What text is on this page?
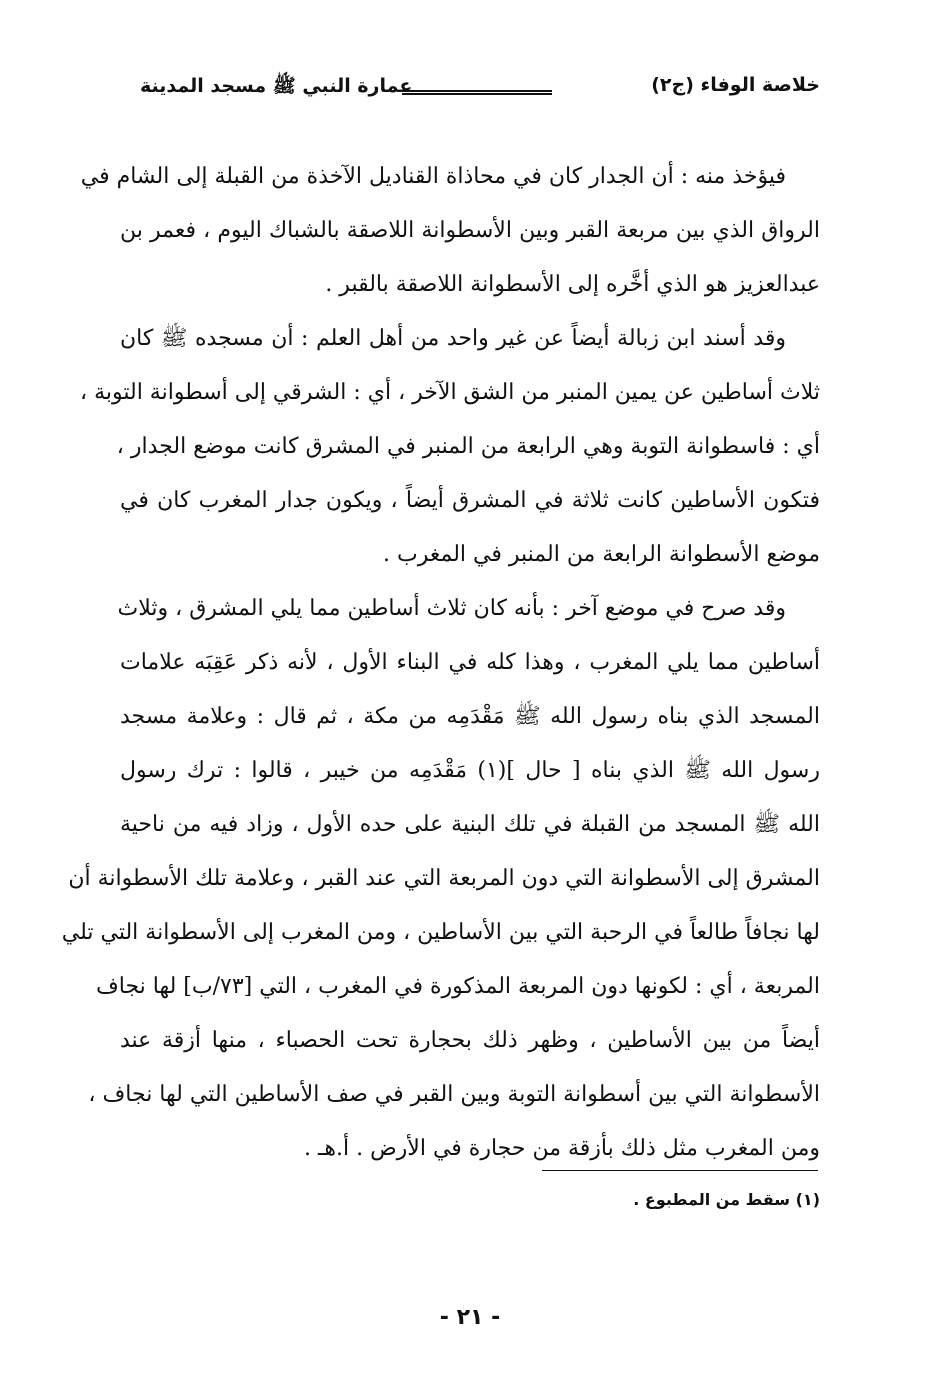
خلاصة الوفاء (ج٢)
عمارة النبي ﷺ مسجد المدينة
فيؤخذ منه : أن الجدار كان في محاذاة القناديل الآخذة من القبلة إلى الشام في
الرواق الذي بين مربعة القبر وبين الأسطوانة اللاصقة بالشباك اليوم ، فعمر بن
عبدالعزيز هو الذي أخَّره إلى الأسطوانة اللاصقة بالقبر .
وقد أسند ابن زبالة أيضاً عن غير واحد من أهل العلم : أن مسجده ﷺ كان
ثلاث أساطين عن يمين المنبر من الشق الآخر ، أي : الشرقي إلى أسطوانة التوبة ،
أي : فاسطوانة التوبة وهي الرابعة من المنبر في المشرق كانت موضع الجدار ،
فتكون الأساطين كانت ثلاثة في المشرق أيضاً ، ويكون جدار المغرب كان في
موضع الأسطوانة الرابعة من المنبر في المغرب .
وقد صرح في موضع آخر : بأنه كان ثلاث أساطين مما يلي المشرق ، وثلاث
أساطين مما يلي المغرب ، وهذا كله في البناء الأول ، لأنه ذكر عَقِبَه علامات
المسجد الذي بناه رسول الله ﷺ مَقْدَمِه من مكة ، ثم قال : وعلامة مسجد
رسول الله ﷺ الذي بناه [ حال ](١) مَقْدَمِه من خيبر ، قالوا : ترك رسول
الله ﷺ المسجد من القبلة في تلك البنية على حده الأول ، وزاد فيه من ناحية
المشرق إلى الأسطوانة التي دون المربعة التي عند القبر ، وعلامة تلك الأسطوانة أن
لها نجافاً طالعاً في الرحبة التي بين الأساطين ، ومن المغرب إلى الأسطوانة التي تلي
المربعة ، أي : لكونها دون المربعة المذكورة في المغرب ، التي [٧٣/ب] لها نجاف
أيضاً من بين الأساطين ، وظهر ذلك بحجارة تحت الحصباء ، منها أزقة عند
الأسطوانة التي بين أسطوانة التوبة وبين القبر في صف الأساطين التي لها نجاف ،
ومن المغرب مثل ذلك بأزقة من حجارة في الأرض . أ.هـ .
(١) سقط من المطبوع .
- ٢١ -
